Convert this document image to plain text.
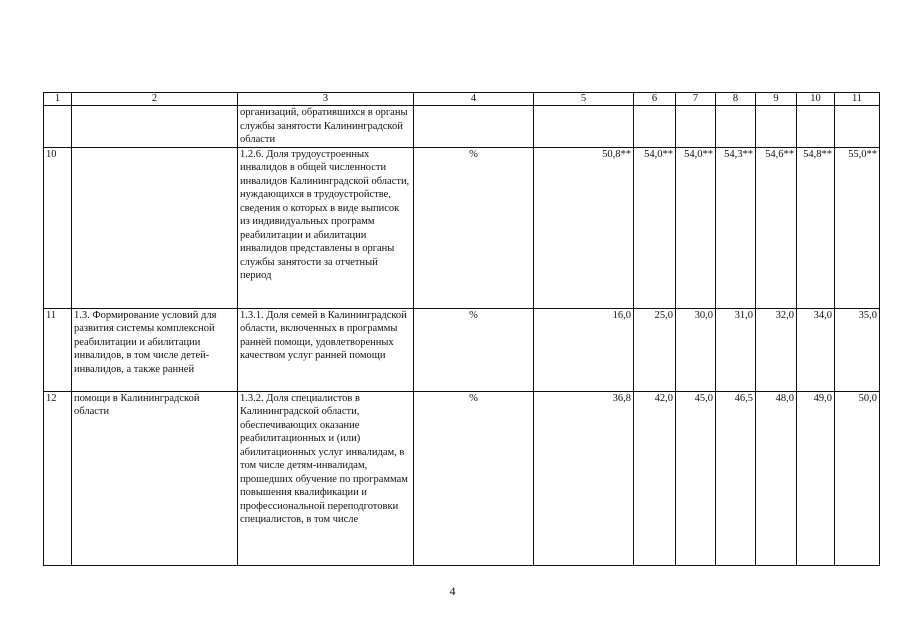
1	2	3	4	5	6	7	8	9	10	11
		организаций, обратившихся в органы службы занятости Калининградской области								
10		1.2.6. Доля трудоустроенных инвалидов в общей численности инвалидов Калининградской области, нуждающихся в трудоустройстве, сведения о которых в виде выписок из индивидуальных программ реабилитации и абилитации инвалидов представлены в органы службы занятости за отчетный период	%	50,8**	54,0**	54,0**	54,3**	54,6**	54,8**	55,0**
11	1.3. Формирование условий для развития системы комплексной реабилитации и абилитации инвалидов, в том числе детей-инвалидов, а также ранней	1.3.1. Доля семей в Калининградской области, включенных в программы ранней помощи, удовлетворенных качеством услуг ранней помощи	%	16,0	25,0	30,0	31,0	32,0	34,0	35,0
12	помощи в Калининградской области	1.3.2. Доля специалистов в Калининградской области, обеспечивающих оказание реабилитационных и (или) абилитационных услуг инвалидам, в том числе детям-инвалидам, прошедших обучение по программам повышения квалификации и профессиональной переподготовки специалистов, в том числе	%	36,8	42,0	45,0	46,5	48,0	49,0	50,0
4
